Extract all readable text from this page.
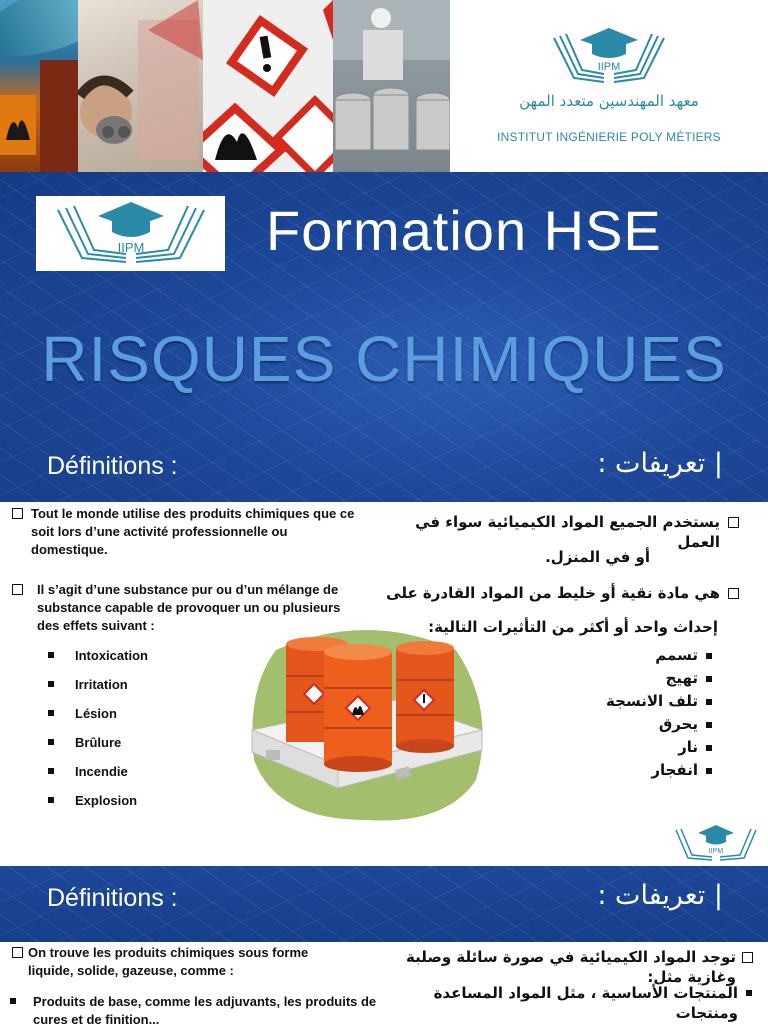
IIPM
معهد المهندسين متعدد المهن
INSTITUT INGÉNIERIE POLY MÉTIERS
IIPM Formation HSE
RISQUES CHIMIQUES
Définitions :	| تعريفات :
Tout le monde utilise des produits chimiques que ce soit lors d’une activité professionnelle ou domestique.
Il s’agit d’une substance pur ou d’un mélange de substance capable de provoquer un ou plusieurs des effets suivant :
Intoxication
Irritation
Lésion
Brûlure
Incendie
Explosion
يستخدم الجميع المواد الكيميائية سواء في العمل
أو في المنزل.
هي مادة نقية أو خليط من المواد القادرة على
إحداث واحد أو أكثر من التأثيرات التالية:
تسمم
تهيج
تلف الانسجة
يحرق
نار
انفجار
IIPM
Définitions :	| تعريفات :
On trouve les produits chimiques sous forme liquide, solide, gazeuse, comme :
Produits de base, comme les adjuvants, les produits de cures et de finition...
توجد المواد الكيميائية في صورة سائلة وصلبة وغازية مثل:
المنتجات الأساسية ، مثل المواد المساعدة ومنتجات
